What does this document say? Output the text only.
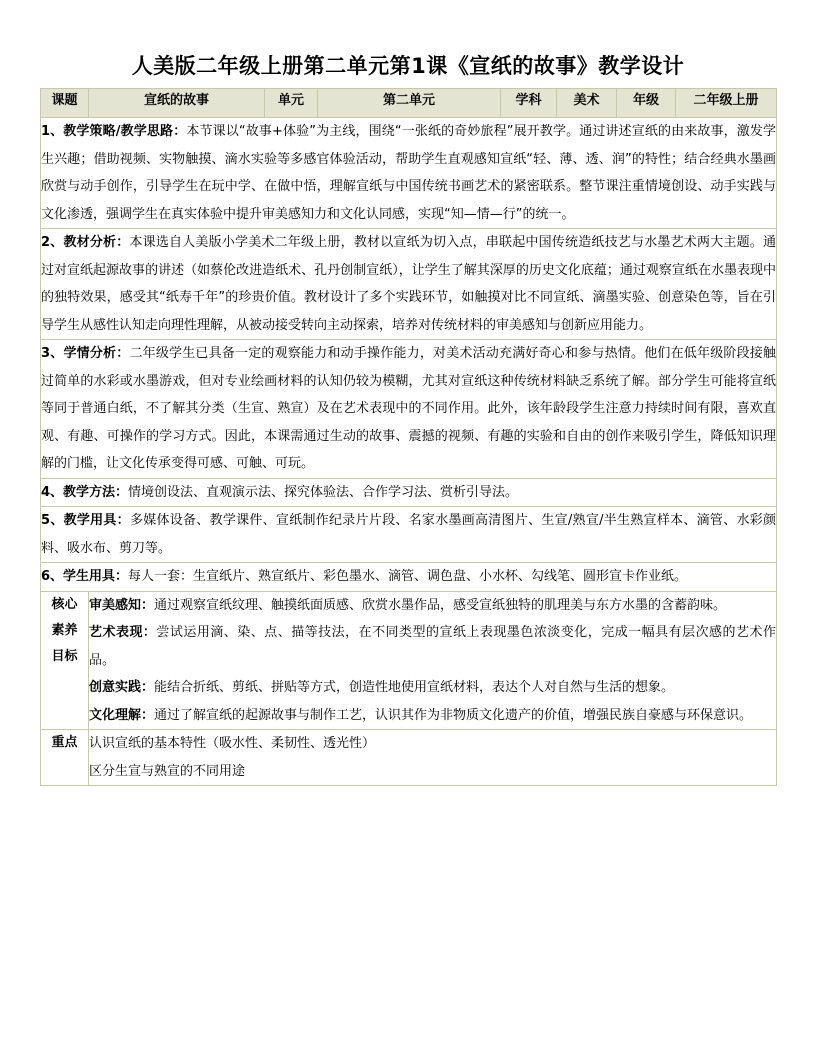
人美版二年级上册第二单元第1课《宣纸的故事》教学设计
课题	宣纸的故事	单元	第二单元	学科	美术	年级	二年级上册
1、教学策略/教学思路：本节课以“故事+体验”为主线，围绕“一张纸的奇妙旅程”展开教学。通过讲述宣纸的由来故事，激发学生兴趣；借助视频、实物触摸、滴水实验等多感官体验活动，帮助学生直观感知宣纸“轻、薄、透、润”的特性；结合经典水墨画欣赏与动手创作，引导学生在玩中学、在做中悟，理解宣纸与中国传统书画艺术的紧密联系。整节课注重情境创设、动手实践与文化渗透，强调学生在真实体验中提升审美感知力和文化认同感，实现“知—情—行”的统一。							
2、教材分析：本课选自人美版小学美术二年级上册，教材以宣纸为切入点，串联起中国传统造纸技艺与水墨艺术两大主题。通过对宣纸起源故事的讲述（如蔡伦改进造纸术、孔丹创制宣纸），让学生了解其深厚的历史文化底蕴；通过观察宣纸在水墨表现中的独特效果，感受其“纸寿千年”的珍贵价值。教材设计了多个实践环节，如触摸对比不同宣纸、滴墨实验、创意染色等，旨在引导学生从感性认知走向理性理解，从被动接受转向主动探索，培养对传统材料的审美感知与创新应用能力。							
3、学情分析：二年级学生已具备一定的观察能力和动手操作能力，对美术活动充满好奇心和参与热情。他们在低年级阶段接触过简单的水彩或水墨游戏，但对专业绘画材料的认知仍较为模糊，尤其对宣纸这种传统材料缺乏系统了解。部分学生可能将宣纸等同于普通白纸，不了解其分类（生宣、熟宣）及在艺术表现中的不同作用。此外，该年龄段学生注意力持续时间有限，喜欢直观、有趣、可操作的学习方式。因此，本课需通过生动的故事、震撼的视频、有趣的实验和自由的创作来吸引学生，降低知识理解的门槛，让文化传承变得可感、可触、可玩。							
4、教学方法：情境创设法、直观演示法、探究体验法、合作学习法、赏析引导法。							
5、教学用具：多媒体设备、教学课件、宣纸制作纪录片片段、名家水墨画高清图片、生宣/熟宣/半生熟宣样本、滴管、水彩颜料、吸水布、剪刀等。							
6、学生用具：每人一套：生宣纸片、熟宣纸片、彩色墨水、滴管、调色盘、小水杯、勾线笔、圆形宣卡作业纸。							

核心素养目标	审美感知：通过观察宣纸纹理、触摸纸面质感、欣赏水墨作品，感受宣纸独特的肌理美与东方水墨的含蓄韵味。

艺术表现：尝试运用滴、染、点、描等技法，在不同类型的宣纸上表现墨色浓淡变化，完成一幅具有层次感的艺术作品。

创意实践：能结合折纸、剪纸、拼贴等方式，创造性地使用宣纸材料，表达个人对自然与生活的想象。

文化理解：通过了解宣纸的起源故事与制作工艺，认识其作为非物质文化遗产的价值，增强民族自豪感与环保意识。						

重点	认识宣纸的基本特性（吸水性、柔韧性、透光性）

区分生宣与熟宣的不同用途						
